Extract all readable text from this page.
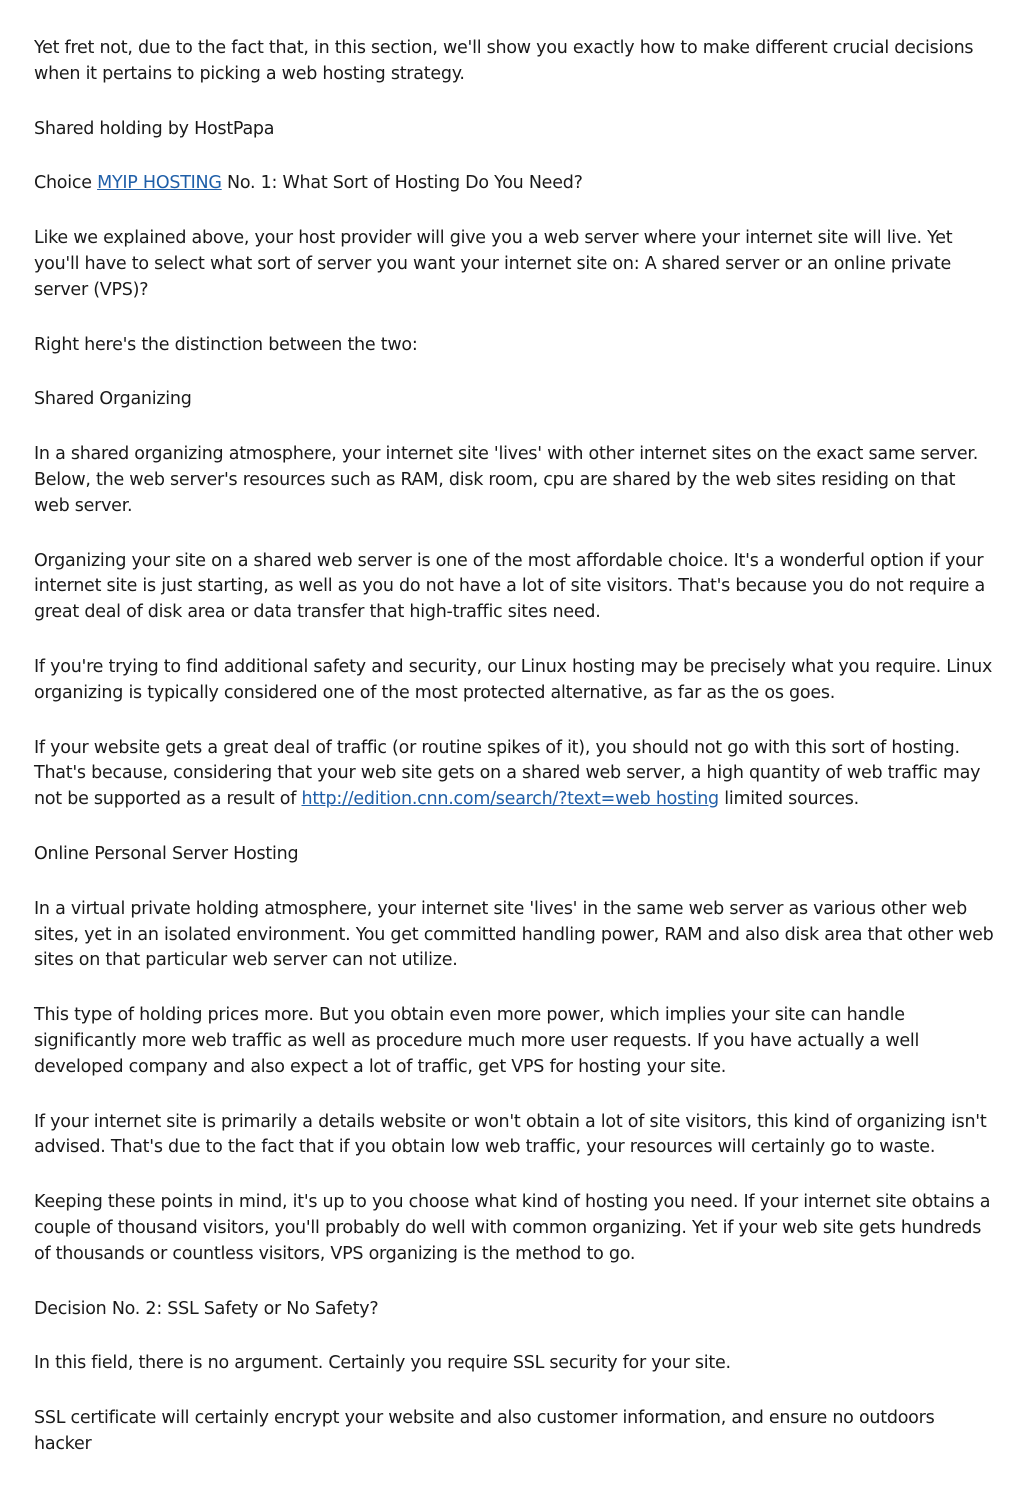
Yet fret not, due to the fact that, in this section, we'll show you exactly how to make different crucial decisions when it pertains to picking a web hosting strategy.

Shared holding by HostPapa

Choice MYIP HOSTING No. 1: What Sort of Hosting Do You Need?

Like we explained above, your host provider will give you a web server where your internet site will live. Yet you'll have to select what sort of server you want your internet site on: A shared server or an online private server (VPS)?

Right here's the distinction between the two:

Shared Organizing

In a shared organizing atmosphere, your internet site 'lives' with other internet sites on the exact same server. Below, the web server's resources such as RAM, disk room, cpu are shared by the web sites residing on that web server.

Organizing your site on a shared web server is one of the most affordable choice. It's a wonderful option if your internet site is just starting, as well as you do not have a lot of site visitors. That's because you do not require a great deal of disk area or data transfer that high-traffic sites need.

If you're trying to find additional safety and security, our Linux hosting may be precisely what you require. Linux organizing is typically considered one of the most protected alternative, as far as the os goes.

If your website gets a great deal of traffic (or routine spikes of it), you should not go with this sort of hosting. That's because, considering that your web site gets on a shared web server, a high quantity of web traffic may not be supported as a result of http://edition.cnn.com/search/?text=web hosting limited sources.

Online Personal Server Hosting

In a virtual private holding atmosphere, your internet site 'lives' in the same web server as various other web sites, yet in an isolated environment. You get committed handling power, RAM and also disk area that other web sites on that particular web server can not utilize.

This type of holding prices more. But you obtain even more power, which implies your site can handle significantly more web traffic as well as procedure much more user requests. If you have actually a well developed company and also expect a lot of traffic, get VPS for hosting your site.

If your internet site is primarily a details website or won't obtain a lot of site visitors, this kind of organizing isn't advised. That's due to the fact that if you obtain low web traffic, your resources will certainly go to waste.

Keeping these points in mind, it's up to you choose what kind of hosting you need. If your internet site obtains a couple of thousand visitors, you'll probably do well with common organizing. Yet if your web site gets hundreds of thousands or countless visitors, VPS organizing is the method to go.

Decision No. 2: SSL Safety or No Safety?

In this field, there is no argument. Certainly you require SSL security for your site.

SSL certificate will certainly encrypt your website and also customer information, and ensure no outdoors hacker
